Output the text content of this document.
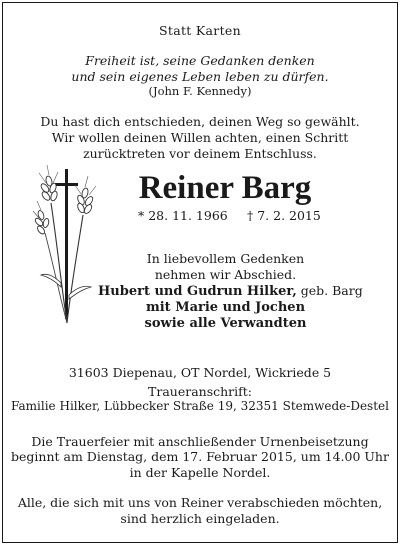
Statt Karten
Freiheit ist, seine Gedanken denken
und sein eigenes Leben leben zu dürfen.
(John F. Kennedy)
Du hast dich entschieden, deinen Weg so gewählt.
Wir wollen deinen Willen achten, einen Schritt
zurücktreten vor deinem Entschluss.
Reiner Barg
* 28. 11. 1966 † 7. 2. 2015
In liebevollem Gedenken
nehmen wir Abschied.
Hubert und Gudrun Hilker, geb. Barg
mit Marie und Jochen
sowie alle Verwandten
31603 Diepenau, OT Nordel, Wickriede 5
Traueranschrift:
Familie Hilker, Lübbecker Straße 19, 32351 Stemwede-Destel
Die Trauerfeier mit anschließender Urnenbeisetzung
beginnt am Dienstag, dem 17. Februar 2015, um 14.00 Uhr
in der Kapelle Nordel.
Alle, die sich mit uns von Reiner verabschieden möchten,
sind herzlich eingeladen.
